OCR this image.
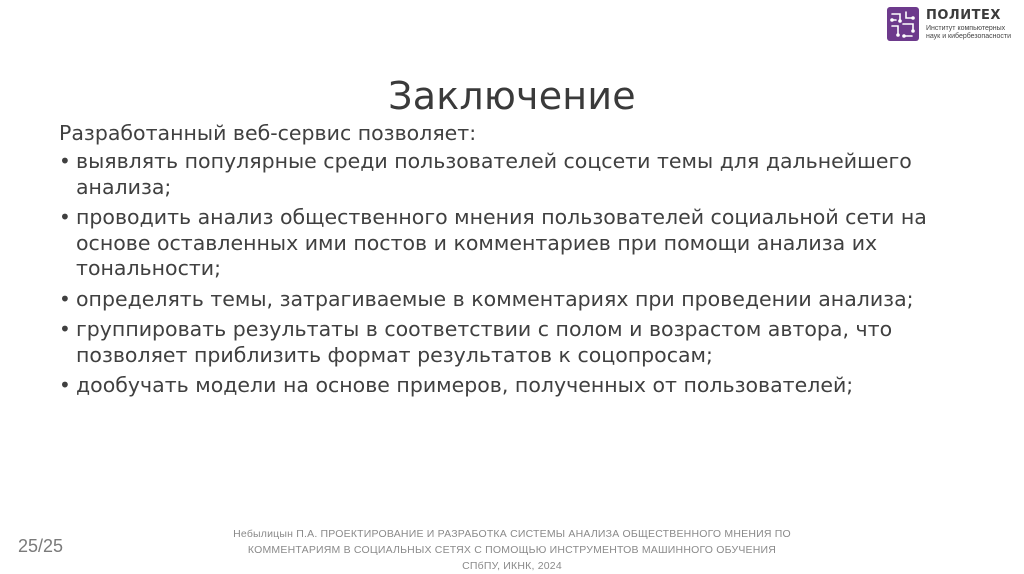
ПОЛИТЕХ
Институт компьютерных
наук и кибербезопасности
Заключение
Разработанный веб-сервис позволяет:
• выявлять популярные среди пользователей соцсети темы для дальнейшего анализа;
• проводить анализ общественного мнения пользователей социальной сети на основе оставленных ими постов и комментариев при помощи анализа их тональности;
• определять темы, затрагиваемые в комментариях при проведении анализа;
• группировать результаты в соответствии с полом и возрастом автора, что позволяет приблизить формат результатов к соцопросам;
• дообучать модели на основе примеров, полученных от пользователей;
25/25
Небылицын П.А. ПРОЕКТИРОВАНИЕ И РАЗРАБОТКА СИСТЕМЫ АНАЛИЗА ОБЩЕСТВЕННОГО МНЕНИЯ ПО
КОММЕНТАРИЯМ В СОЦИАЛЬНЫХ СЕТЯХ С ПОМОЩЬЮ ИНСТРУМЕНТОВ МАШИННОГО ОБУЧЕНИЯ
СПбПУ, ИКНК, 2024
